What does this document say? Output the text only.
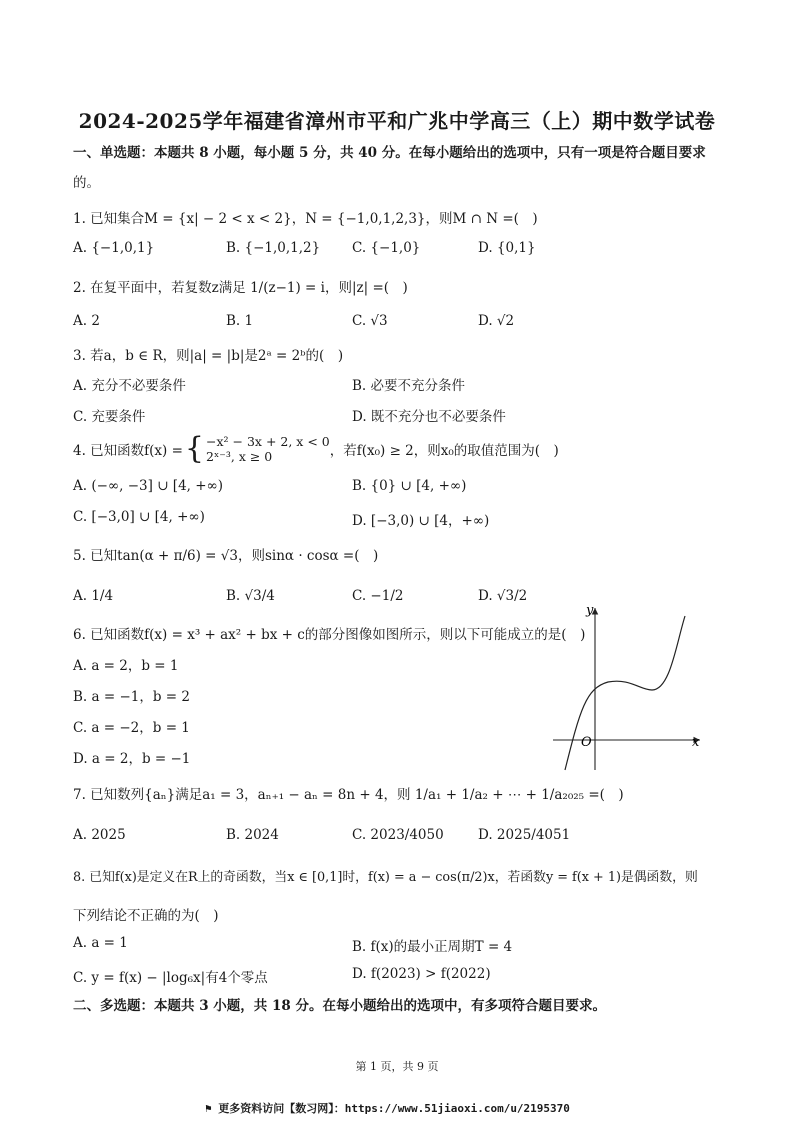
2024-2025学年福建省漳州市平和广兆中学高三（上）期中数学试卷
一、单选题：本题共 8 小题，每小题 5 分，共 40 分。在每小题给出的选项中，只有一项是符合题目要求
的。
1. 已知集合M = {x| − 2 < x < 2}，N = {−1,0,1,2,3}，则M ∩ N =(　)
A. {−1,0,1}	B. {−1,0,1,2} C. {−1,0}	D. {0,1}
2. 在复平面中，若复数z满足 1/(z−1) = i，则|z| =(　)
A. 2	B. 1	C. √3	D. √2
3. 若a，b ∈ R，则|a| = |b|是2ᵃ = 2ᵇ的(　)
A. 充分不必要条件	B. 必要不充分条件
C. 充要条件	D. 既不充分也不必要条件
4. 已知函数f(x) = { −x² − 3x + 2, x < 0
2ˣ⁻³, x ≥ 0	，若f(x₀) ≥ 2，则x₀的取值范围为(　)
A. (−∞, −3] ∪ [4, +∞)	B. {0} ∪ [4, +∞)
C. [−3,0] ∪ [4, +∞)	D. [−3,0) ∪ [4，+∞)
5. 已知tan(α + π/6) = √3，则sinα · cosα =(　)
A. 1/4	B. √3/4	C. −1/2	D. √3/2
6. 已知函数f(x) = x³ + ax² + bx + c的部分图像如图所示，则以下可能成立的是(　)
A. a = 2，b = 1
B. a = −1，b = 2
C. a = −2，b = 1
D. a = 2，b = −1
y
x
O
7. 已知数列{aₙ}满足a₁ = 3，aₙ₊₁ − aₙ = 8n + 4，则 1/a₁ + 1/a₂ + ⋯ + 1/a₂₀₂₅ =(　)
A. 2025	B. 2024	C. 2023/4050	D. 2025/4051
8. 已知f(x)是定义在R上的奇函数，当x ∈ [0,1]时，f(x) = a − cos(π/2)x，若函数y = f(x + 1)是偶函数，则
下列结论不正确的为(　)
A. a = 1	B. f(x)的最小正周期T = 4
C. y = f(x) − |log₆x|有4个零点	D. f(2023) > f(2022)
二、多选题：本题共 3 小题，共 18 分。在每小题给出的选项中，有多项符合题目要求。
第 1 页，共 9 页
⚑ 更多资料访问【数习网】：https://www.51jiaoxi.com/u/2195370
